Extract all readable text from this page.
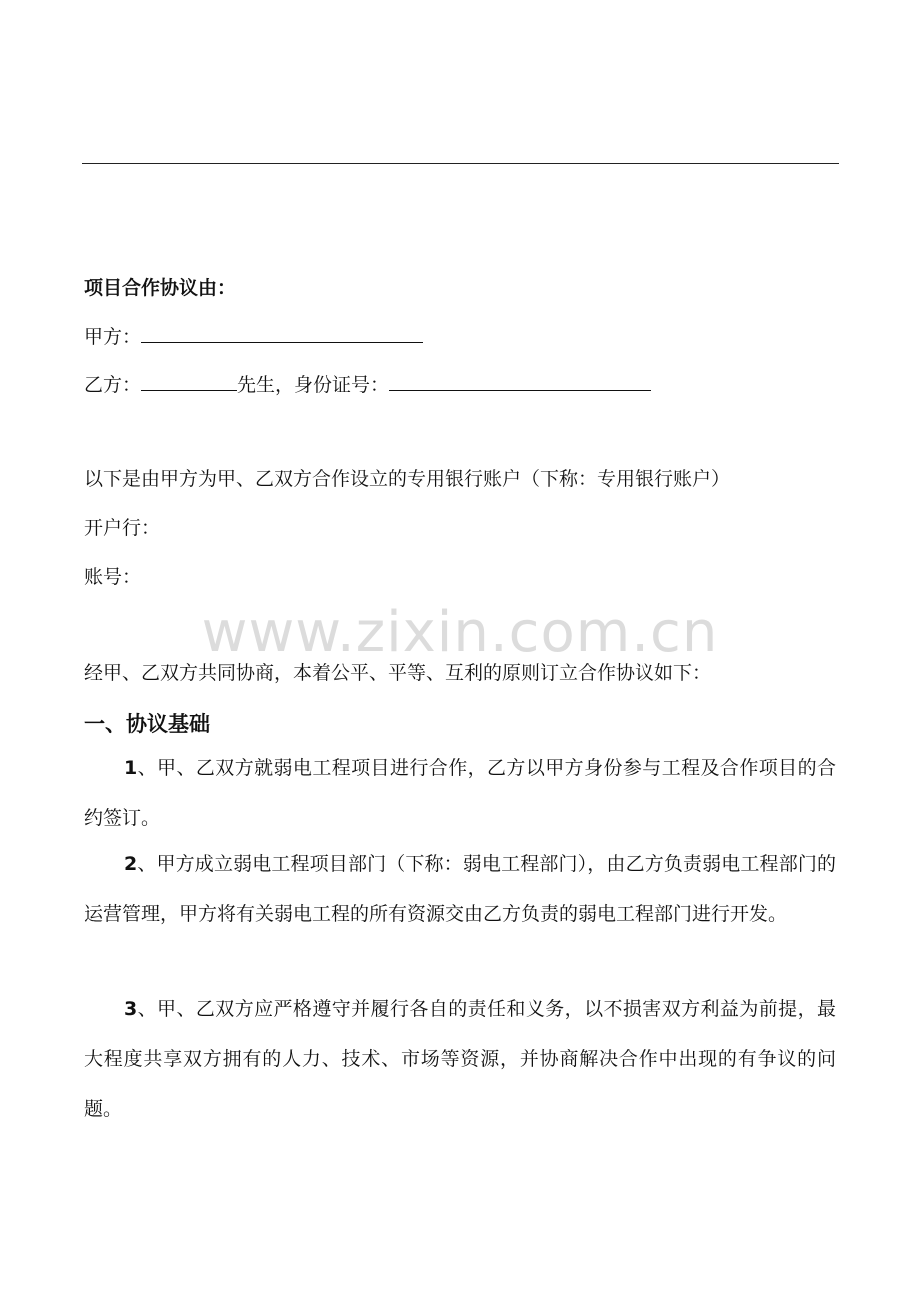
www.zixin.com.cn
项目合作协议由：
甲方：
乙方：	先生，身份证号：
以下是由甲方为甲、乙双方合作设立的专用银行账户（下称：专用银行账户）
开户行：
账号：
经甲、乙双方共同协商，本着公平、平等、互利的原则订立合作协议如下：
一、协议基础
1、甲、乙双方就弱电工程项目进行合作，乙方以甲方身份参与工程及合作项目的合约签订。
2、甲方成立弱电工程项目部门（下称：弱电工程部门），由乙方负责弱电工程部门的运营管理，甲方将有关弱电工程的所有资源交由乙方负责的弱电工程部门进行开发。
3、甲、乙双方应严格遵守并履行各自的责任和义务，以不损害双方利益为前提，最大程度共享双方拥有的人力、技术、市场等资源，并协商解决合作中出现的有争议的问题。
